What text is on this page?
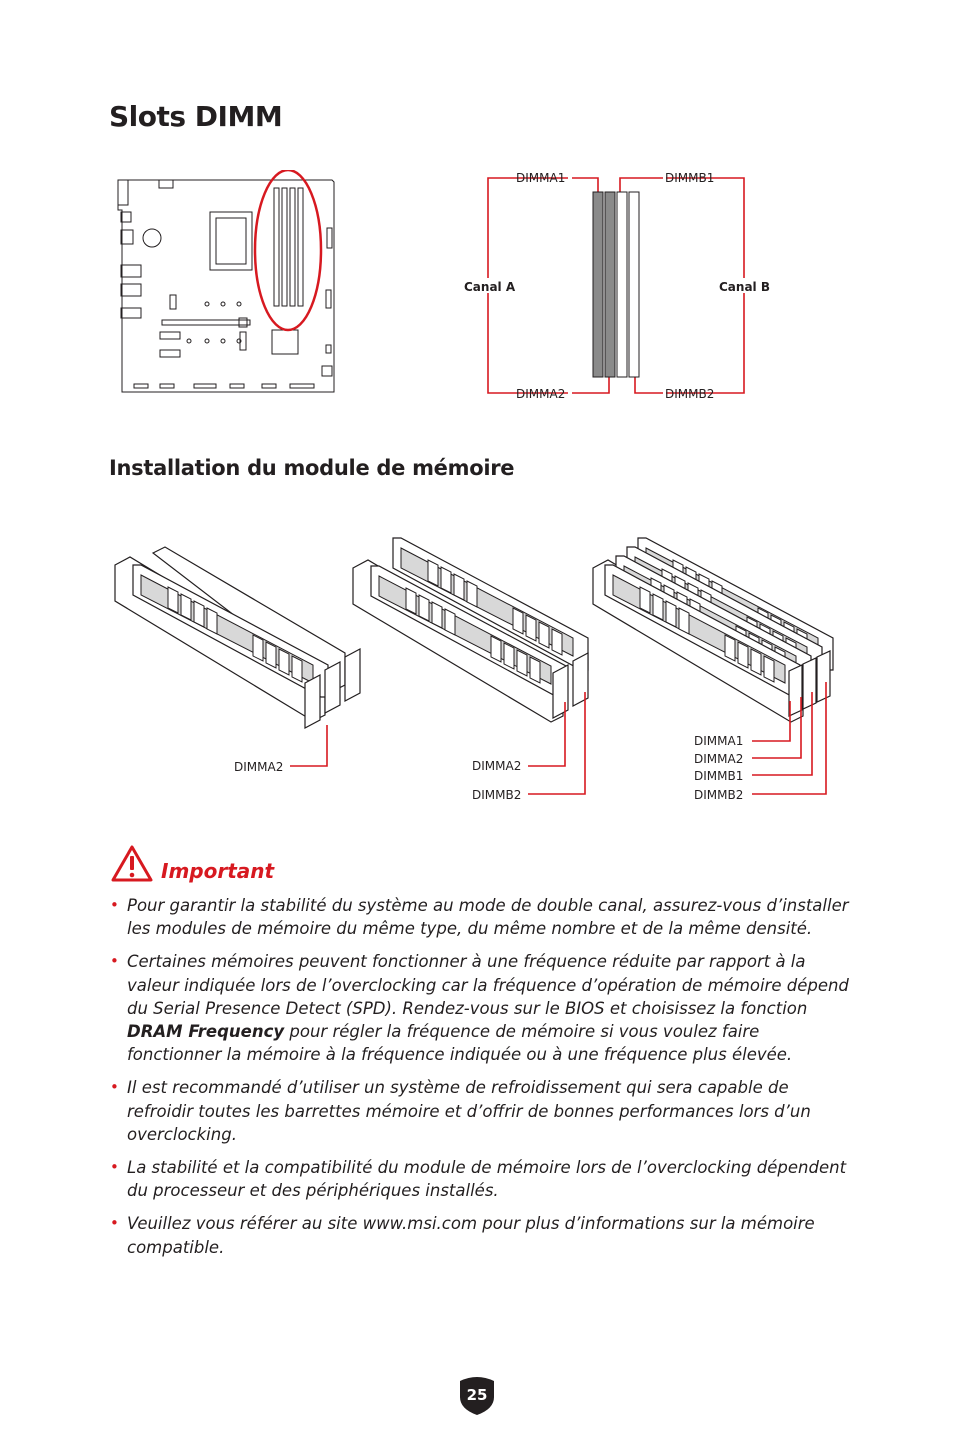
Slots DIMM
DIMMA1	DIMMB1
DIMMA2	DIMMB2
Canal A	Canal B
Installation du module de mémoire
DIMMA2	DIMMA2
DIMMB2
DIMMA1
DIMMA2
DIMMB1
DIMMB2
Important
• Pour garantir la stabilité du système au mode de double canal, assurez-vous d’installer les modules de mémoire du même type, du même nombre et de la même densité.
• Certaines mémoires peuvent fonctionner à une fréquence réduite par rapport à la valeur indiquée lors de l’overclocking car la fréquence d’opération de mémoire dépend du Serial Presence Detect (SPD). Rendez-vous sur le BIOS et choisissez la fonction DRAM Frequency pour régler la fréquence de mémoire si vous voulez faire fonctionner la mémoire à la fréquence indiquée ou à une fréquence plus élevée.
• Il est recommandé d’utiliser un système de refroidissement qui sera capable de refroidir toutes les barrettes mémoire et d’offrir de bonnes performances lors d’un overclocking.
• La stabilité et la compatibilité du module de mémoire lors de l’overclocking dépendent du processeur et des périphériques installés.
• Veuillez vous référer au site www.msi.com pour plus d’informations sur la mémoire compatible.
25
